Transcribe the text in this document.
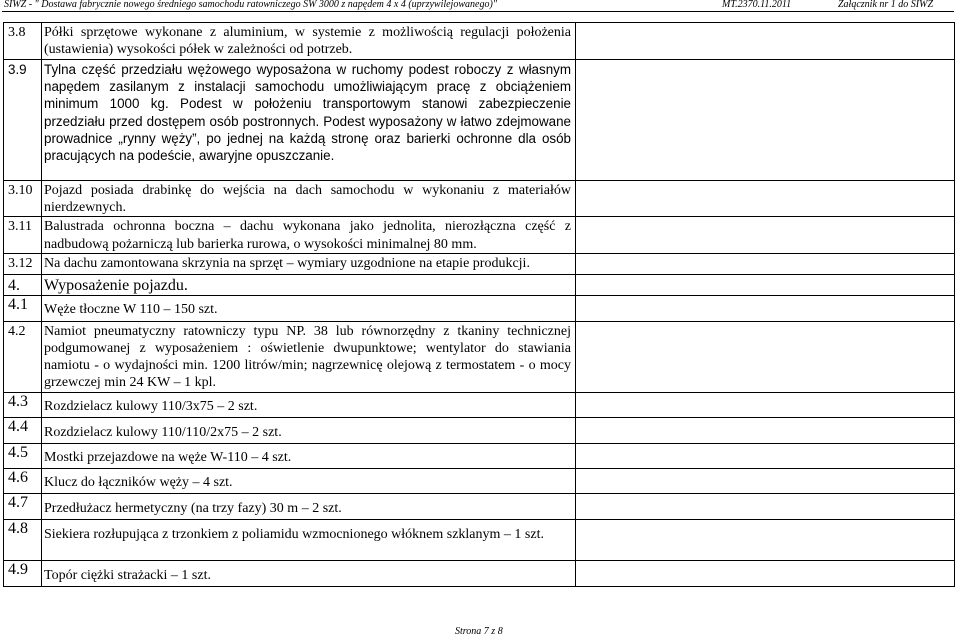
SIWZ - " Dostawa fabrycznie nowego średniego samochodu ratowniczego SW 3000 z napędem 4 x 4 (uprzywilejowanego)"	MT.2370.11.2011	Załącznik nr 1 do SIWZ
3.8	Półki sprzętowe wykonane z aluminium, w systemie z możliwością regulacji położenia (ustawienia) wysokości półek w zależności od potrzeb.	
3.9	Tylna część przedziału wężowego wyposażona w ruchomy podest roboczy z własnym napędem zasilanym z instalacji samochodu umożliwiającym pracę z obciążeniem minimum 1000 kg. Podest w położeniu transportowym stanowi zabezpieczenie przedziału przed dostępem osób postronnych. Podest wyposażony w łatwo zdejmowane prowadnice „rynny węży”, po jednej na każdą stronę oraz barierki ochronne dla osób pracujących na podeście, awaryjne opuszczanie.	
3.10	Pojazd posiada drabinkę do wejścia na dach samochodu w wykonaniu z materiałów nierdzewnych.	
3.11	Balustrada ochronna boczna – dachu wykonana jako jednolita, nierozłączna część z nadbudową pożarniczą lub barierka rurowa, o wysokości minimalnej 80 mm.	
3.12	Na dachu zamontowana skrzynia na sprzęt – wymiary uzgodnione na etapie produkcji.	
4.	Wyposażenie pojazdu.	
4.1	Węże tłoczne W 110 – 150 szt.	
4.2	Namiot pneumatyczny ratowniczy typu NP. 38 lub równorzędny z tkaniny technicznej podgumowanej z wyposażeniem : oświetlenie dwupunktowe; wentylator do stawiania namiotu - o wydajności min. 1200 litrów/min; nagrzewnicę olejową z termostatem - o mocy grzewczej min 24 KW – 1 kpl.	
4.3	Rozdzielacz kulowy 110/3x75 – 2 szt.	
4.4	Rozdzielacz kulowy 110/110/2x75 – 2 szt.	
4.5	Mostki przejazdowe na węże W-110 – 4 szt.	
4.6	Klucz do łączników węży – 4 szt.	
4.7	Przedłużacz hermetyczny (na trzy fazy) 30 m – 2 szt.	
4.8	Siekiera rozłupująca z trzonkiem z poliamidu wzmocnionego włóknem szklanym – 1 szt.	
4.9	Topór ciężki strażacki – 1 szt.	
Strona 7 z 8
